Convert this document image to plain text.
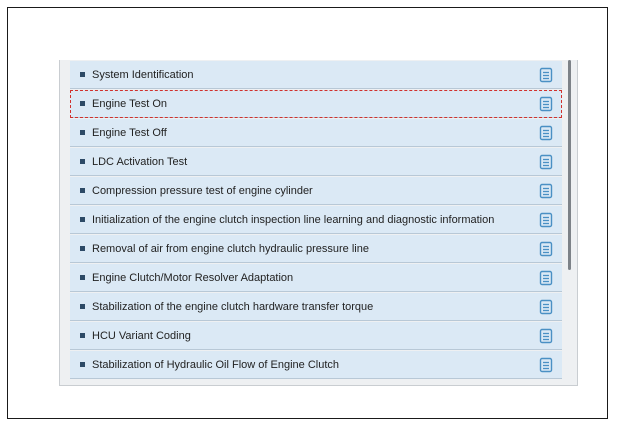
System Identification
Engine Test On
Engine Test Off
LDC Activation Test
Compression pressure test of engine cylinder
Initialization of the engine clutch inspection line learning and diagnostic information
Removal of air from engine clutch hydraulic pressure line
Engine Clutch/Motor Resolver Adaptation
Stabilization of the engine clutch hardware transfer torque
HCU Variant Coding
Stabilization of Hydraulic Oil Flow of Engine Clutch
